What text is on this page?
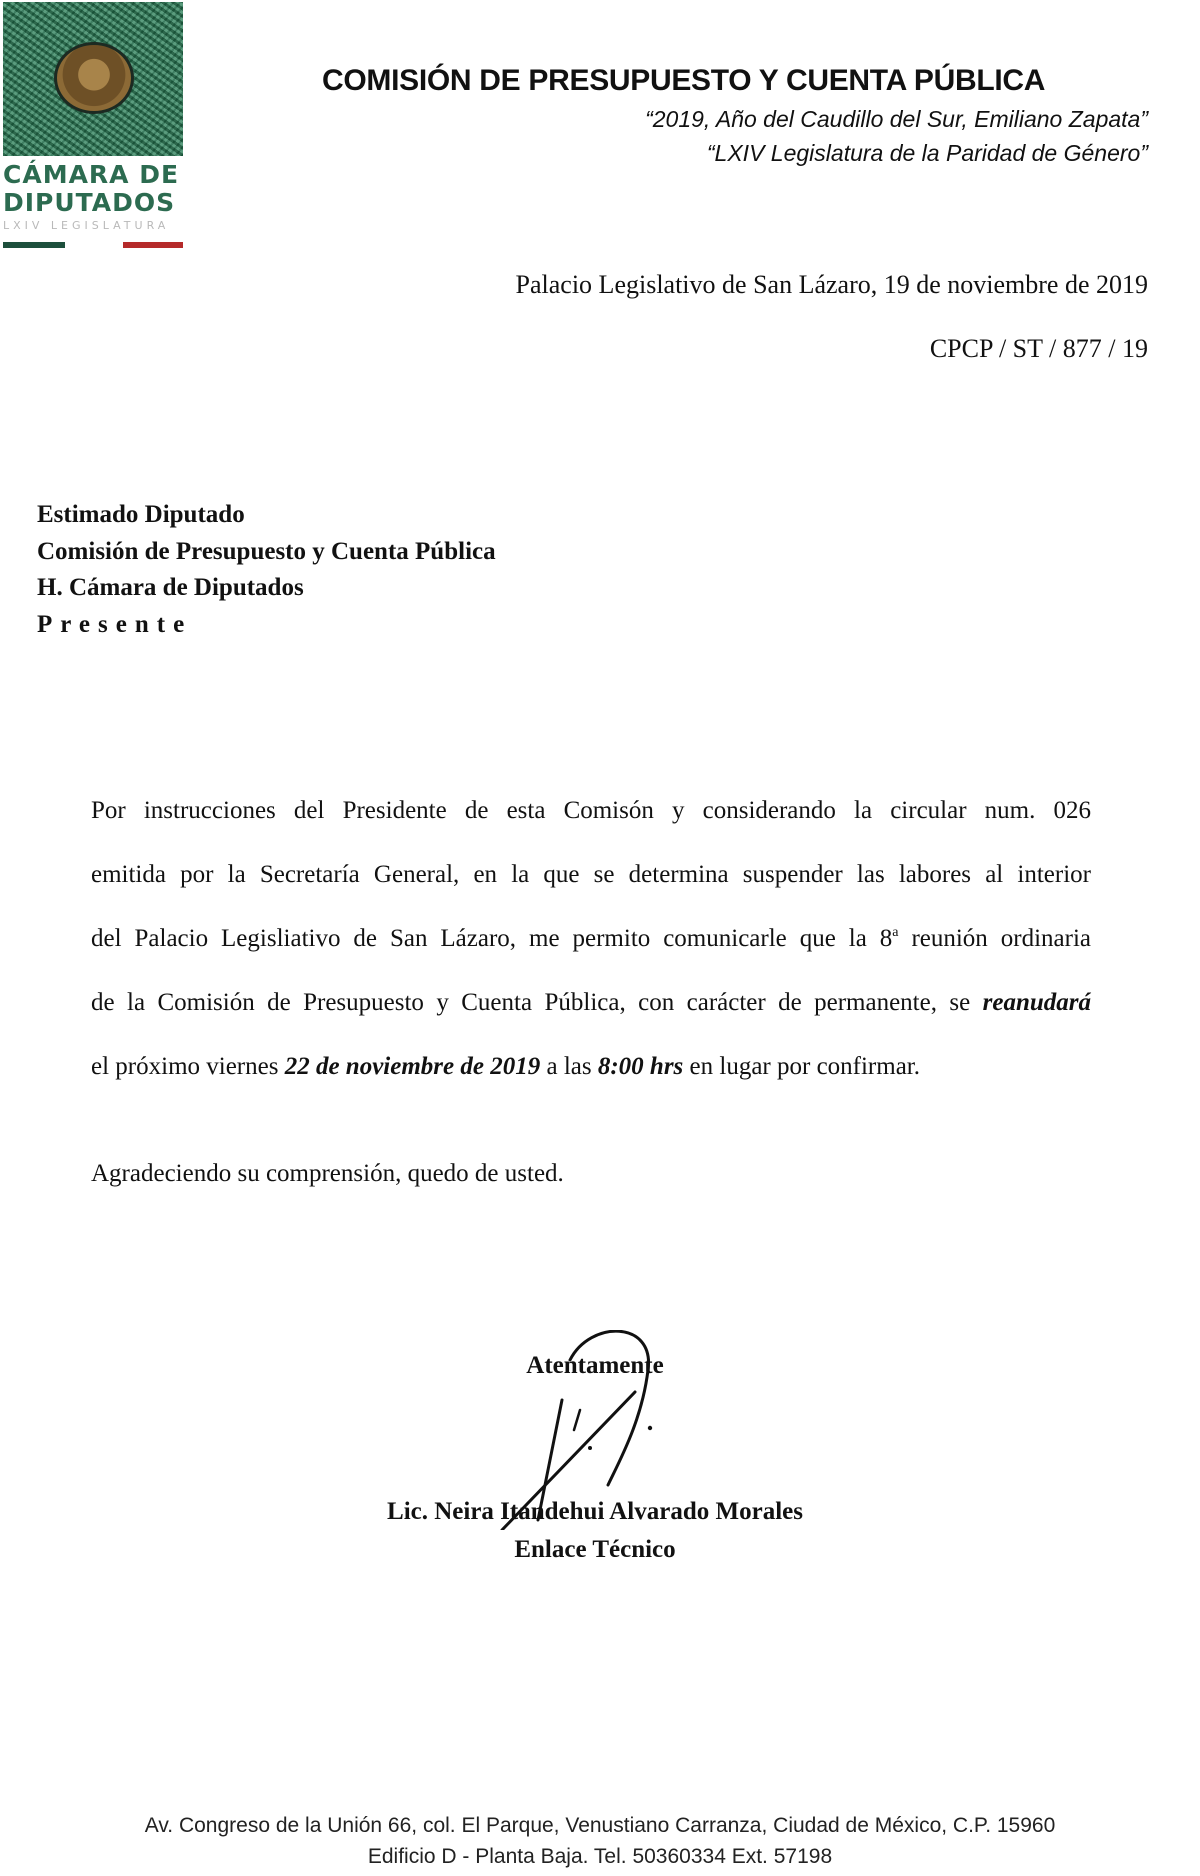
CÁMARA DE
DIPUTADOS
LXIV LEGISLATURA
COMISIÓN DE PRESUPUESTO Y CUENTA PÚBLICA
“2019, Año del Caudillo del Sur, Emiliano Zapata”
“LXIV Legislatura de la Paridad de Género”
Palacio Legislativo de San Lázaro, 19 de noviembre de 2019
CPCP / ST / 877 / 19
Estimado Diputado
Comisión de Presupuesto y Cuenta Pública
H. Cámara de Diputados
Presente
Por instrucciones del Presidente de esta Comisón y considerando la circular num. 026
emitida por la Secretaría General, en la que se determina suspender las labores al interior
del Palacio Legisliativo de San Lázaro, me permito comunicarle que la 8$^a$ reunión ordinaria
de la Comisión de Presupuesto y Cuenta Pública, con carácter de permanente, se reanudará
el próximo viernes 22 de noviembre de 2019 a las 8:00 hrs en lugar por confirmar.
Agradeciendo su comprensión, quedo de usted.
Atentamente
Lic. Neira Itandehui Alvarado Morales
Enlace Técnico
Av. Congreso de la Unión 66, col. El Parque, Venustiano Carranza, Ciudad de México, C.P. 15960
Edificio D - Planta Baja. Tel. 50360334 Ext. 57198
